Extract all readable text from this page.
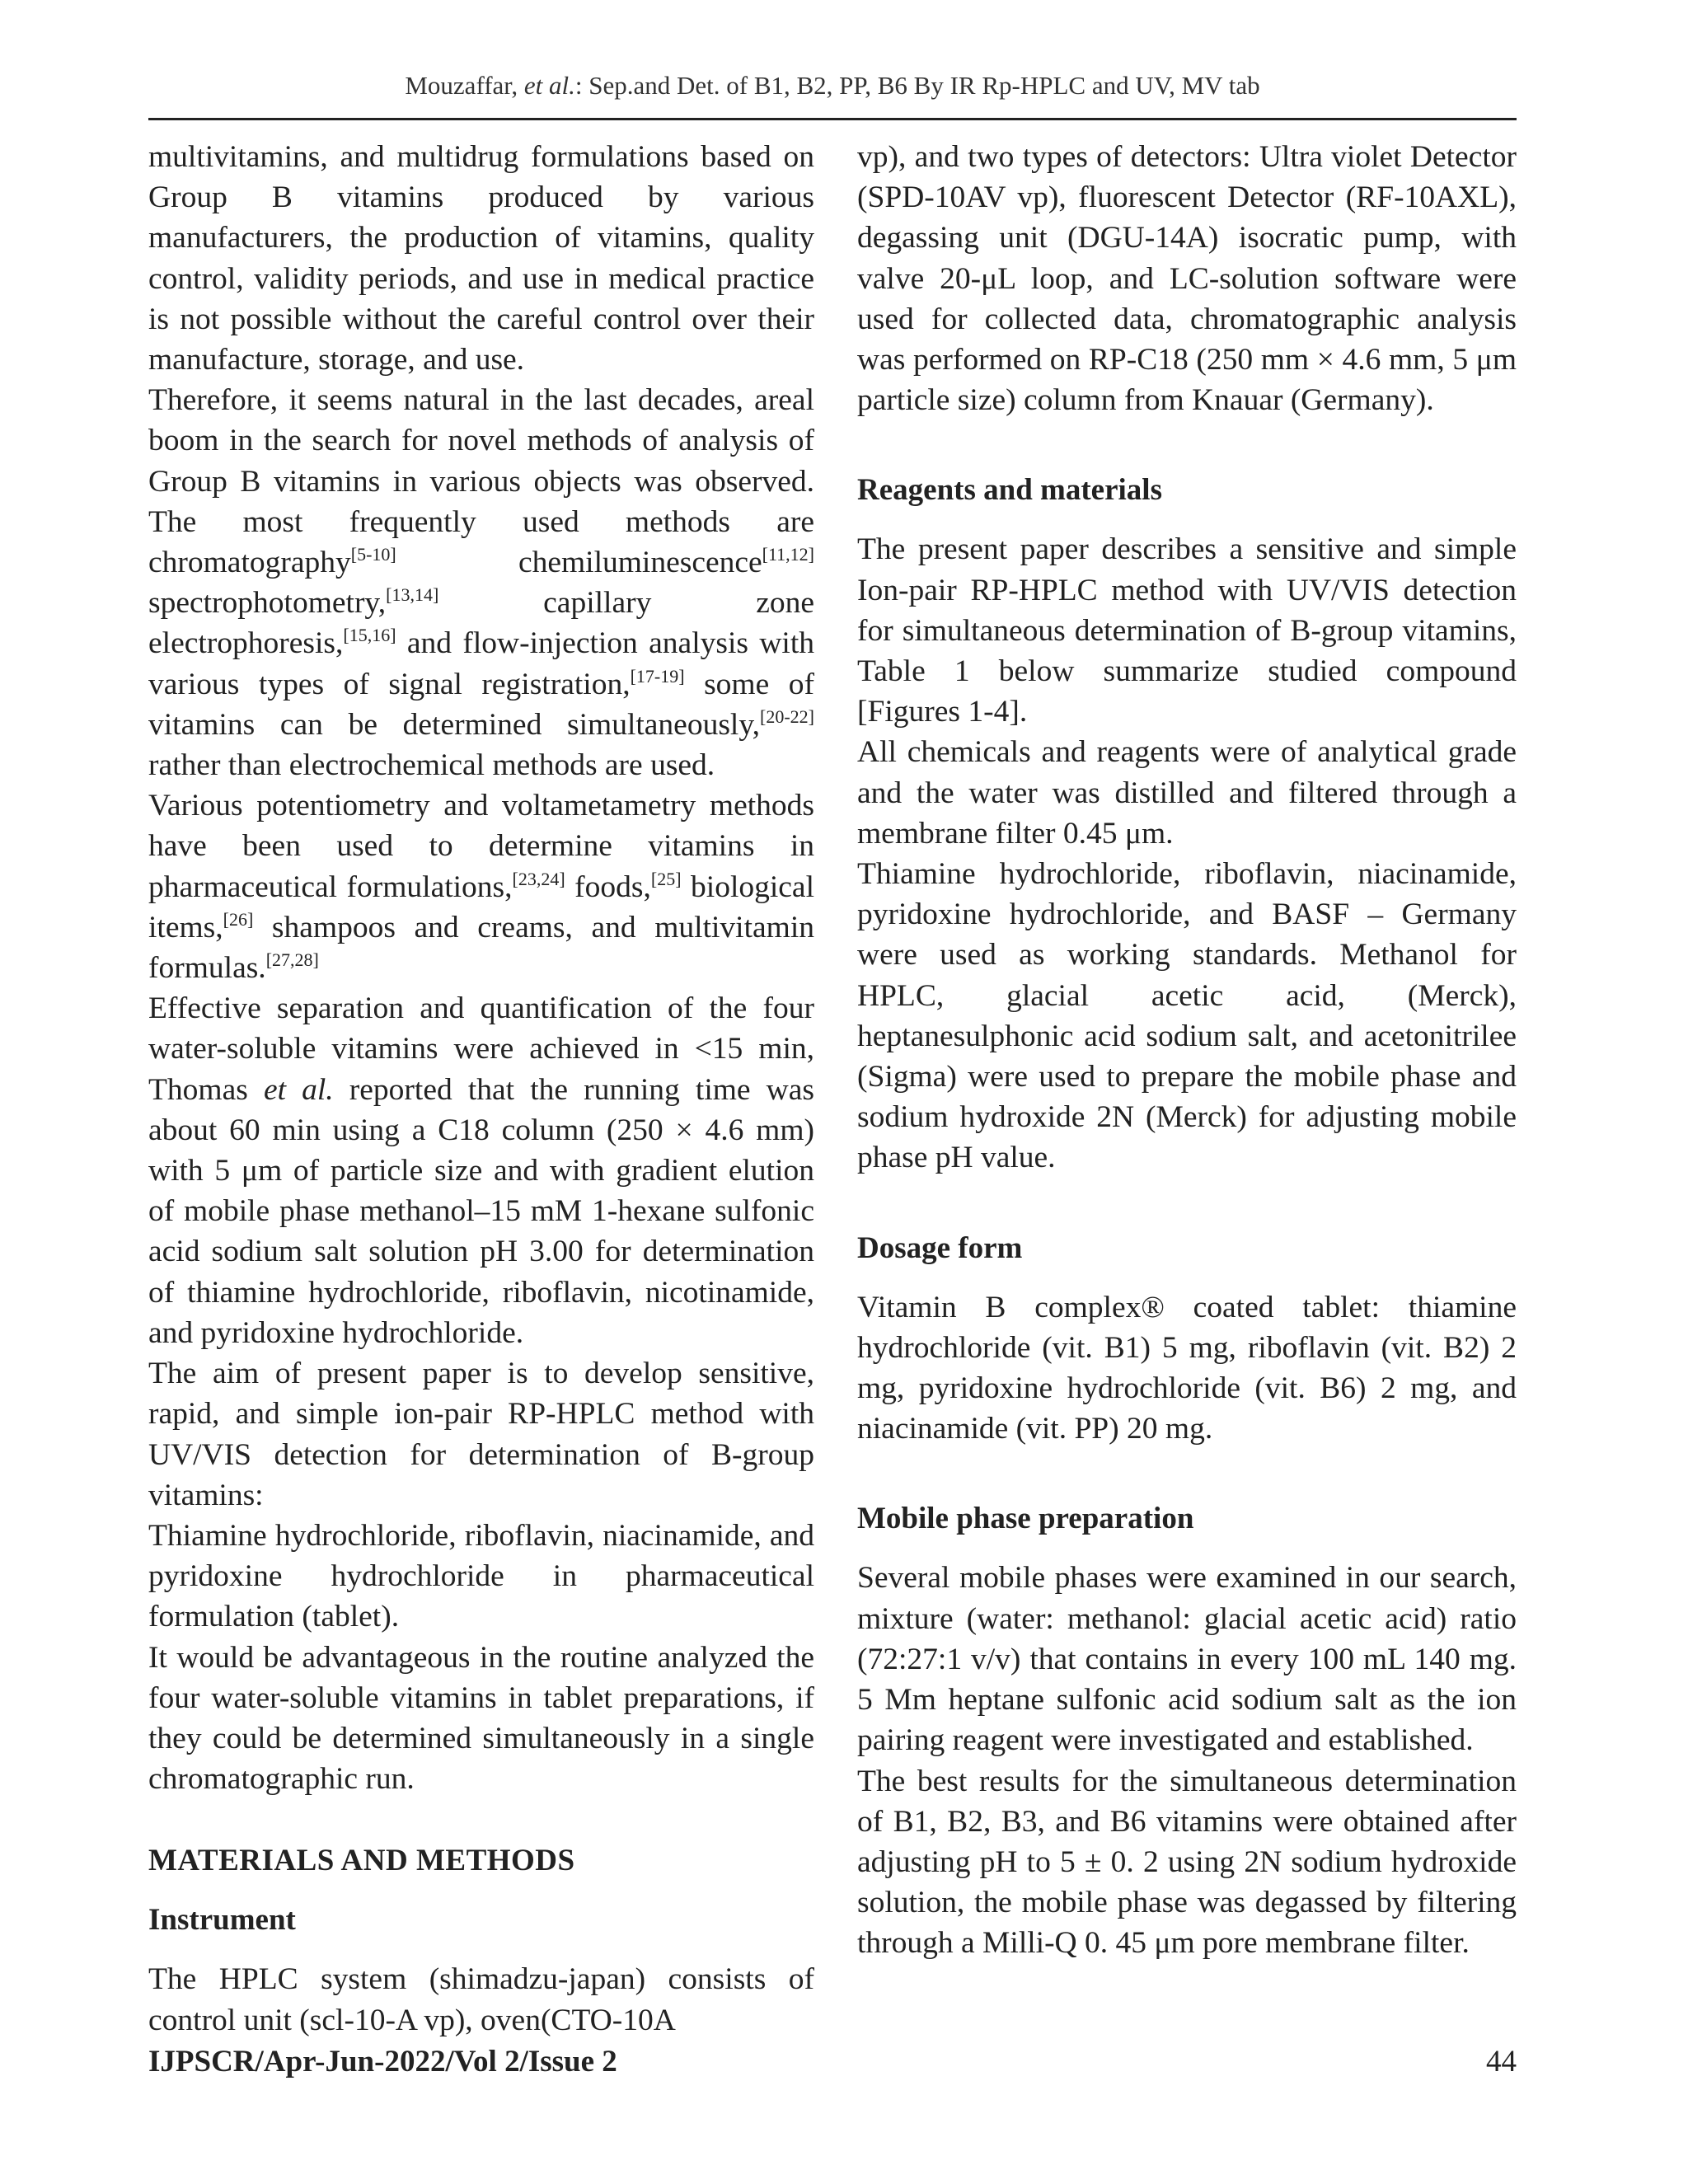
Mouzaffar, et al.: Sep.and Det. of B1, B2, PP, B6 By IR Rp-HPLC and UV, MV tab

multivitamins, and multidrug formulations based on Group B vitamins produced by various manufacturers, the production of vitamins, quality control, validity periods, and use in medical practice is not possible without the careful control over their manufacture, storage, and use.

Therefore, it seems natural in the last decades, areal boom in the search for novel methods of analysis of Group B vitamins in various objects was observed. The most frequently used methods are chromatography[5-10] chemiluminescence[11,12] spectrophotometry,[13,14] capillary zone electrophoresis,[15,16] and flow-injection analysis with various types of signal registration,[17-19] some of vitamins can be determined simultaneously,[20-22] rather than electrochemical methods are used.

Various potentiometry and voltametametry methods have been used to determine vitamins in pharmaceutical formulations,[23,24] foods,[25] biological items,[26] shampoos and creams, and multivitamin formulas.[27,28]

Effective separation and quantification of the four water-soluble vitamins were achieved in <15 min, Thomas et al. reported that the running time was about 60 min using a C18 column (250 × 4.6 mm) with 5 μm of particle size and with gradient elution of mobile phase methanol–15 mM 1-hexane sulfonic acid sodium salt solution pH 3.00 for determination of thiamine hydrochloride, riboflavin, nicotinamide, and pyridoxine hydrochloride.

The aim of present paper is to develop sensitive, rapid, and simple ion-pair RP-HPLC method with UV/VIS detection for determination of B-group vitamins:

Thiamine hydrochloride, riboflavin, niacinamide, and pyridoxine hydrochloride in pharmaceutical formulation (tablet).

It would be advantageous in the routine analyzed the four water-soluble vitamins in tablet preparations, if they could be determined simultaneously in a single chromatographic run.

MATERIALS AND METHODS
Instrument

The HPLC system (shimadzu-japan) consists of control unit (scl-10-A vp), oven(CTO-10A

vp), and two types of detectors: Ultra violet Detector (SPD-10AV vp), fluorescent Detector (RF-10AXL), degassing unit (DGU-14A) isocratic pump, with valve 20-μL loop, and LC-solution software were used for collected data, chromatographic analysis was performed on RP-C18 (250 mm × 4.6 mm, 5 μm particle size) column from Knauar (Germany).

Reagents and materials

The present paper describes a sensitive and simple Ion-pair RP-HPLC method with UV/VIS detection for simultaneous determination of B-group vitamins, Table 1 below summarize studied compound [Figures 1-4].

All chemicals and reagents were of analytical grade and the water was distilled and filtered through a membrane filter 0.45 μm.

Thiamine hydrochloride, riboflavin, niacinamide, pyridoxine hydrochloride, and BASF – Germany were used as working standards. Methanol for HPLC, glacial acetic acid, (Merck), heptanesulphonic acid sodium salt, and acetonitrilee (Sigma) were used to prepare the mobile phase and sodium hydroxide 2N (Merck) for adjusting mobile phase pH value.

Dosage form

Vitamin B complex® coated tablet: thiamine hydrochloride (vit. B1) 5 mg, riboflavin (vit. B2) 2 mg, pyridoxine hydrochloride (vit. B6) 2 mg, and niacinamide (vit. PP) 20 mg.

Mobile phase preparation

Several mobile phases were examined in our search, mixture (water: methanol: glacial acetic acid) ratio (72:27:1 v/v) that contains in every 100 mL 140 mg. 5 Mm heptane sulfonic acid sodium salt as the ion pairing reagent were investigated and established.

The best results for the simultaneous determination of B1, B2, B3, and B6 vitamins were obtained after adjusting pH to 5 ± 0. 2 using 2N sodium hydroxide solution, the mobile phase was degassed by filtering through a Milli-Q 0. 45 μm pore membrane filter.

IJPSCR/Apr-Jun-2022/Vol 2/Issue 2	44
